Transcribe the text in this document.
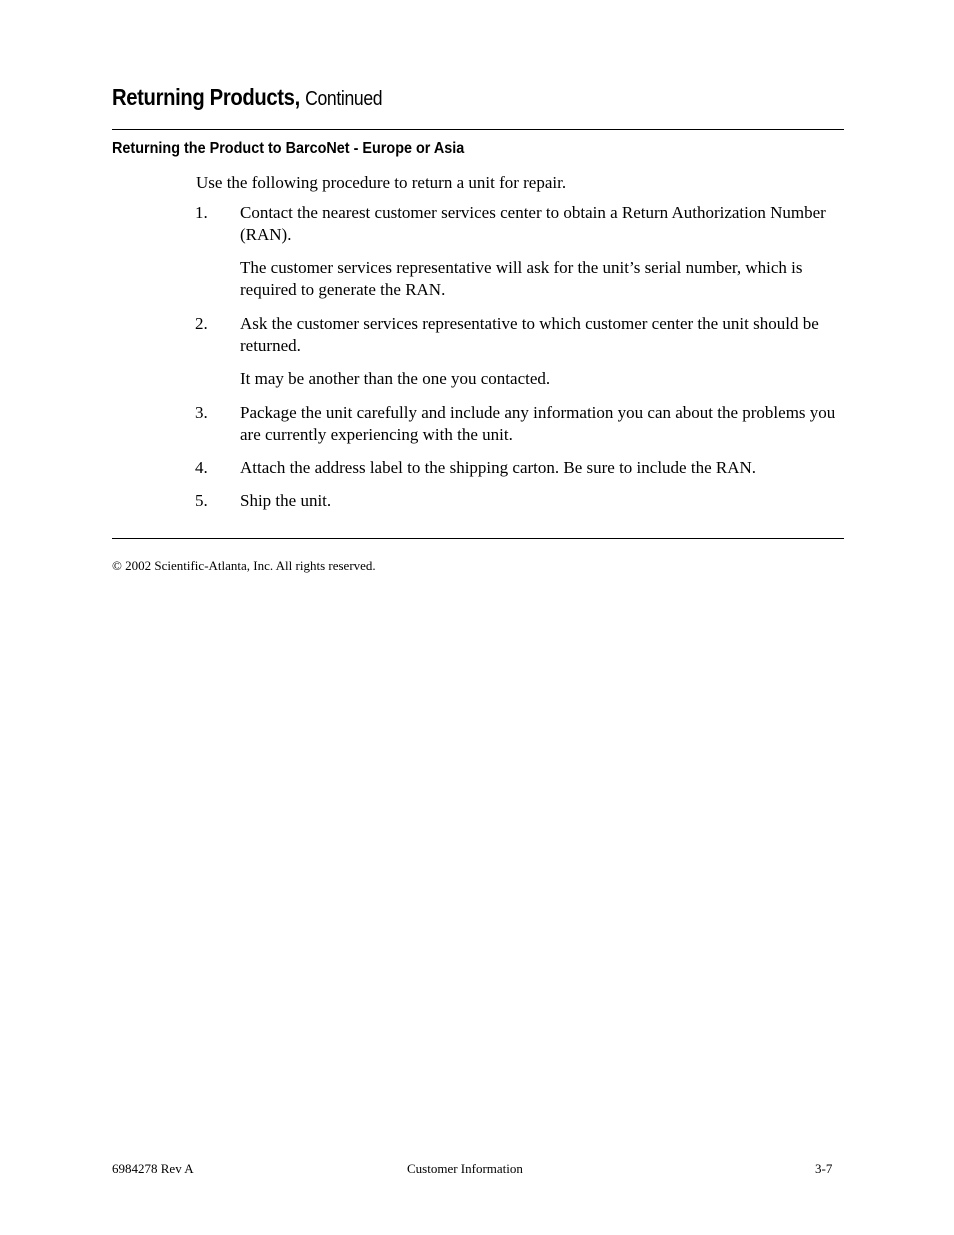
Returning Products, Continued
Returning the Product to BarcoNet - Europe or Asia

Use the following procedure to return a unit for repair.

1. Contact the nearest customer services center to obtain a Return Authorization Number (RAN).

The customer services representative will ask for the unit’s serial number, which is required to generate the RAN.

2. Ask the customer services representative to which customer center the unit should be returned.

It may be another than the one you contacted.

3. Package the unit carefully and include any information you can about the problems you are currently experiencing with the unit.

4. Attach the address label to the shipping carton. Be sure to include the RAN.

5. Ship the unit.

© 2002 Scientific-Atlanta, Inc. All rights reserved.

6984278 Rev A	Customer Information	3-7
